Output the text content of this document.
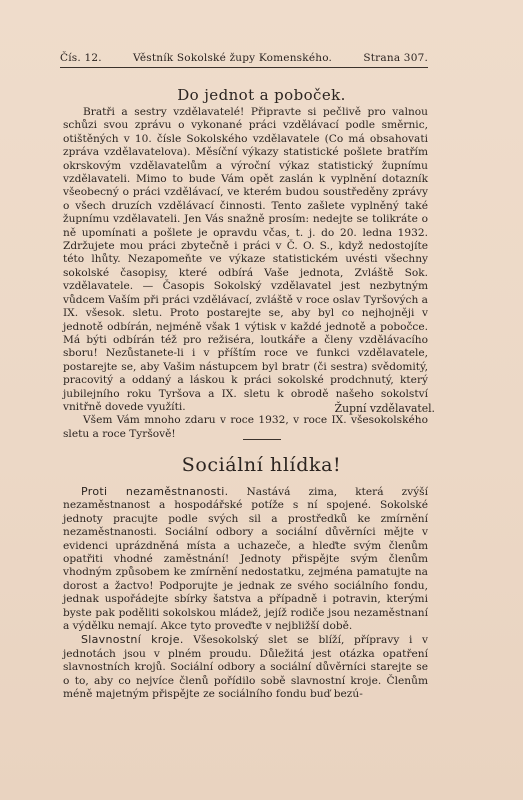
Čís. 12.	Věstník Sokolské župy Komenského.	Strana 307.
Do jednot a poboček.

Bratři a sestry vzdělavatelé! Připravte si pečlivě pro valnou schůzi svou zprávu o vykonané práci vzdělávací podle směrnic, otištěných v 10. čísle Sokolského vzdělavatele (Co má obsahovati zpráva vzdělavatelova). Měsíční výkazy statistické pošlete bratřím okrskovým vzdělavatelům a výroční výkaz statistický župnímu vzdělavateli. Mimo to bude Vám opět zaslán k vyplnění dotazník všeobecný o práci vzdělávací, ve kterém budou soustředěny zprávy o všech druzích vzdělávací činnosti. Tento zašlete vyplněný také župnímu vzdělavateli. Jen Vás snažně prosím: nedejte se tolikráte o ně upomínati a pošlete je opravdu včas, t. j. do 20. ledna 1932. Zdržujete mou práci zbytečně i práci v Č. O. S., když nedostojíte této lhůty. Nezapomeňte ve výkaze statistickém uvésti všechny sokolské časopisy, které odbírá Vaše jednota, Zvláště Sok. vzdělavatele. — Časopis Sokolský vzdělavatel jest nezbytným vůdcem Vaším při práci vzdělávací, zvláště v roce oslav Tyršových a IX. všesok. sletu. Proto postarejte se, aby byl co nejhojněji v jednotě odbírán, nejméně však 1 výtisk v každé jednotě a pobočce. Má býti odbírán též pro režiséra, loutkáře a členy vzdělávacího sboru! Nezůstanete-li i v příštím roce ve funkci vzdělavatele, postarejte se, aby Vašim nástupcem byl bratr (či sestra) svědomitý, pracovitý a oddaný a láskou k práci sokolské prodchnutý, který jubilejního roku Tyršova a IX. sletu k obrodě našeho sokolství vnitřně dovede využíti.

Všem Vám mnoho zdaru v roce 1932, v roce IX. všesokolského sletu a roce Tyršově!

Župní vzdělavatel.
Sociální hlídka!

Proti nezaměstnanosti. Nastává zima, která zvýší nezaměstnanost a hospodářské potíže s ní spojené. Sokolské jednoty pracujte podle svých sil a prostředků ke zmírnění nezaměstnanosti. Sociální odbory a sociální důvěrníci mějte v evidenci uprázdněná místa a uchazeče, a hleďte svým členům opatřiti vhodné zaměstnání! Jednoty přispějte svým členům vhodným způsobem ke zmírnění nedostatku, zejména pamatujte na dorost a žactvo! Podporujte je jednak ze svého sociálního fondu, jednak uspořádejte sbírky šatstva a případně i potravin, kterými byste pak poděliti sokolskou mládež, jejíž rodiče jsou nezaměstnaní a výdělku nemají. Akce tyto proveďte v nejbližší době.

Slavnostní kroje. Všesokolský slet se blíží, přípravy i v jednotách jsou v plném proudu. Důležitá jest otázka opatření slavnostních krojů. Sociální odbory a sociální důvěrníci starejte se o to, aby co nejvíce členů pořídilo sobě slavnostní kroje. Členům méně majetným přispějte ze sociálního fondu buď bezú-
